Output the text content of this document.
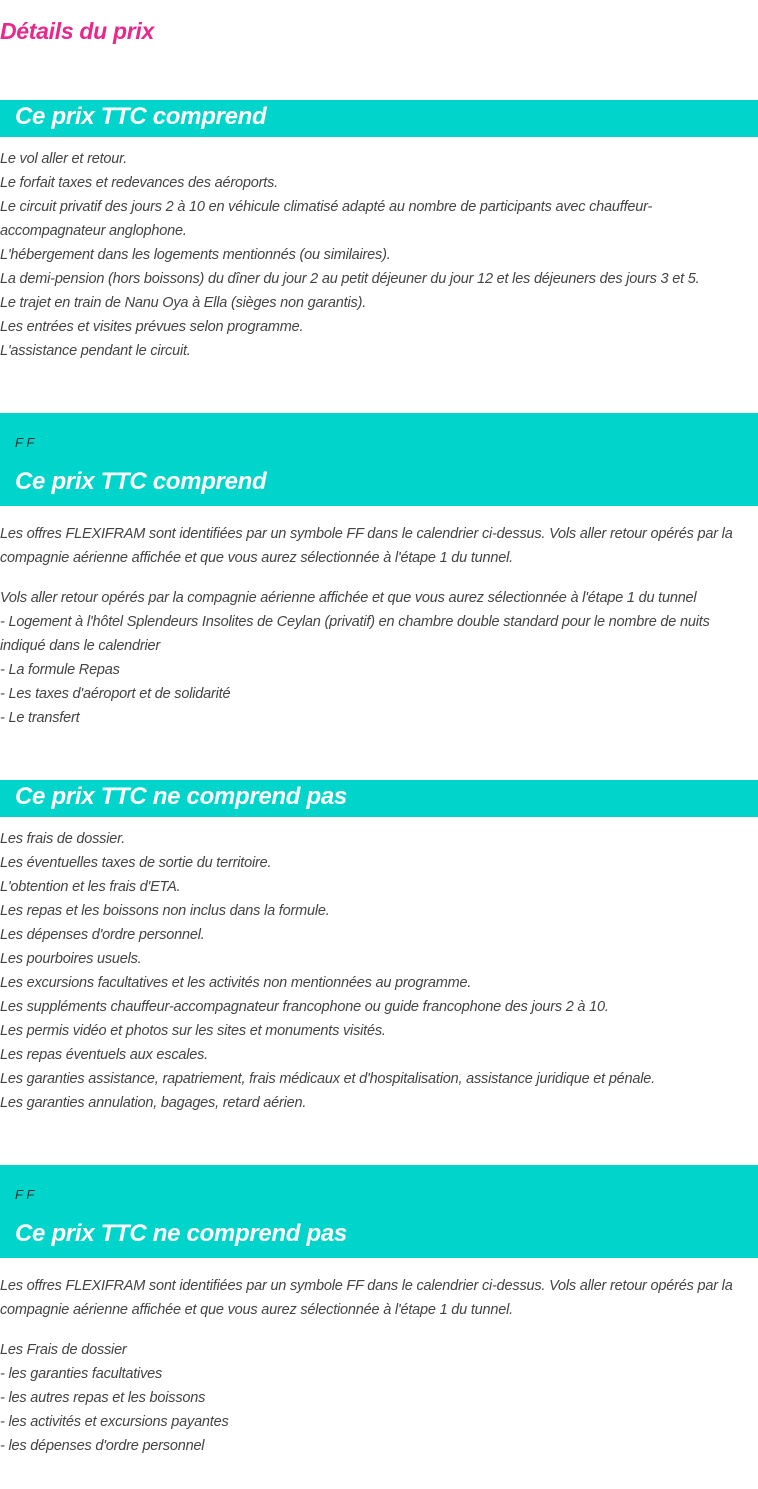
Détails du prix
Ce prix TTC comprend

Le vol aller et retour.

Le forfait taxes et redevances des aéroports.

Le circuit privatif des jours 2 à 10 en véhicule climatisé adapté au nombre de participants avec chauffeur-

accompagnateur anglophone.

L'hébergement dans les logements mentionnés (ou similaires).

La demi-pension (hors boissons) du dîner du jour 2 au petit déjeuner du jour 12 et les déjeuners des jours 3 et 5.

Le trajet en train de Nanu Oya à Ella (sièges non garantis).

Les entrées et visites prévues selon programme.

L'assistance pendant le circuit.

F F
Ce prix TTC comprend

Les offres FLEXIFRAM sont identifiées par un symbole FF dans le calendrier ci-dessus. Vols aller retour opérés par la

compagnie aérienne affichée et que vous aurez sélectionnée à l'étape 1 du tunnel.

Vols aller retour opérés par la compagnie aérienne affichée et que vous aurez sélectionnée à l'étape 1 du tunnel

- Logement à l'hôtel Splendeurs Insolites de Ceylan (privatif) en chambre double standard pour le nombre de nuits

indiqué dans le calendrier

- La formule Repas

- Les taxes d'aéroport et de solidarité

- Le transfert

Ce prix TTC ne comprend pas

Les frais de dossier.

Les éventuelles taxes de sortie du territoire.

L'obtention et les frais d'ETA.

Les repas et les boissons non inclus dans la formule.

Les dépenses d'ordre personnel.

Les pourboires usuels.

Les excursions facultatives et les activités non mentionnées au programme.

Les suppléments chauffeur-accompagnateur francophone ou guide francophone des jours 2 à 10.

Les permis vidéo et photos sur les sites et monuments visités.

Les repas éventuels aux escales.

Les garanties assistance, rapatriement, frais médicaux et d'hospitalisation, assistance juridique et pénale.

Les garanties annulation, bagages, retard aérien.

F F
Ce prix TTC ne comprend pas

Les offres FLEXIFRAM sont identifiées par un symbole FF dans le calendrier ci-dessus. Vols aller retour opérés par la

compagnie aérienne affichée et que vous aurez sélectionnée à l'étape 1 du tunnel.

Les Frais de dossier

- les garanties facultatives

- les autres repas et les boissons

- les activités et excursions payantes

- les dépenses d'ordre personnel
